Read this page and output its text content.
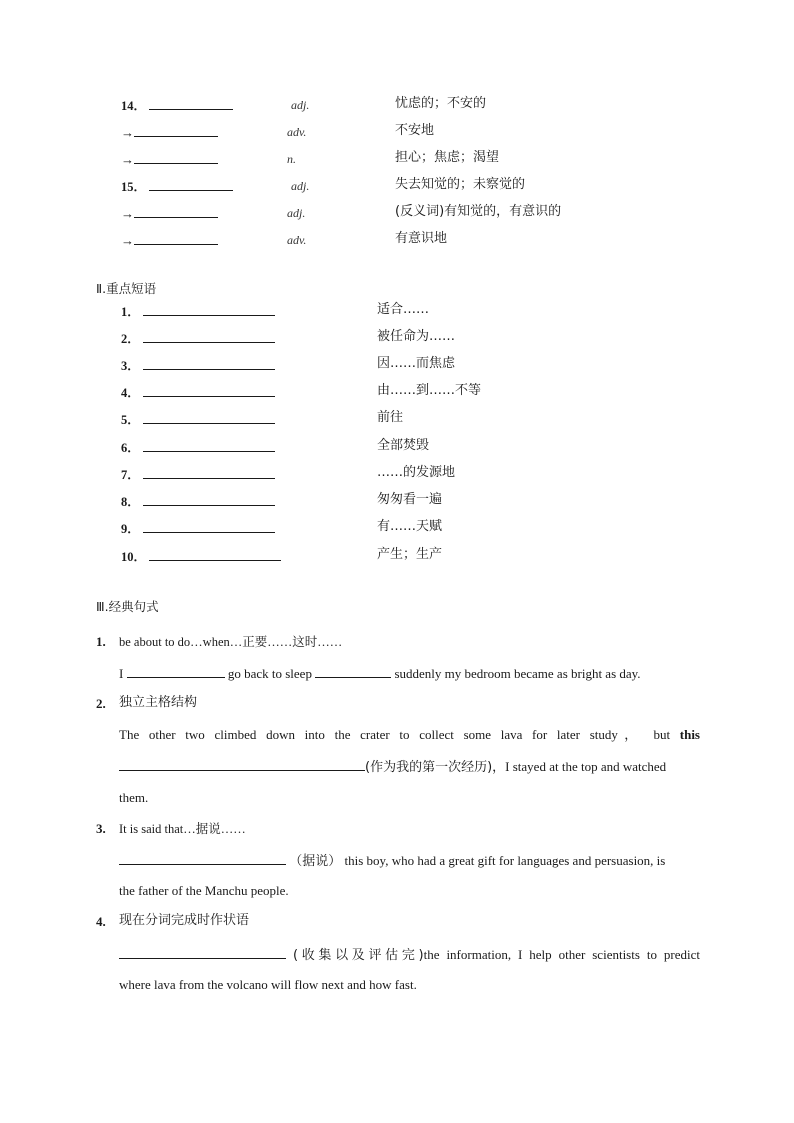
14．	adj.	忧虑的；不安的
→	adv.	不安地
→	n.	担心；焦虑；渴望
15．	adj.	失去知觉的；未察觉的
→	adj.	(反义词)有知觉的，有意识的
→	adv.	有意识地
Ⅱ.重点短语
1．	适合……
2．	被任命为……
3．	因……而焦虑
4．	由……到……不等
5．	前往
6．	全部焚毁
7．	……的发源地
8．	匆匆看一遍
9．	有……天赋
10．	产生；生产
Ⅲ.经典句式
1. be about to do…when…正要……这时……
I	go back to sleep	suddenly my bedroom became as bright as day.
2. 独立主格结构
The other two climbed down into the crater to collect some lava for later study， but this
(作为我的第一次经历)，I stayed at the top and watched
them.
3. It is said that…据说……
（据说） this boy, who had a great gift for languages and persuasion, is
the father of the Manchu people.
4. 现在分词完成时作状语
(收集以及评估完)the information, I help other scientists to predict
where lava from the volcano will flow next and how fast.
